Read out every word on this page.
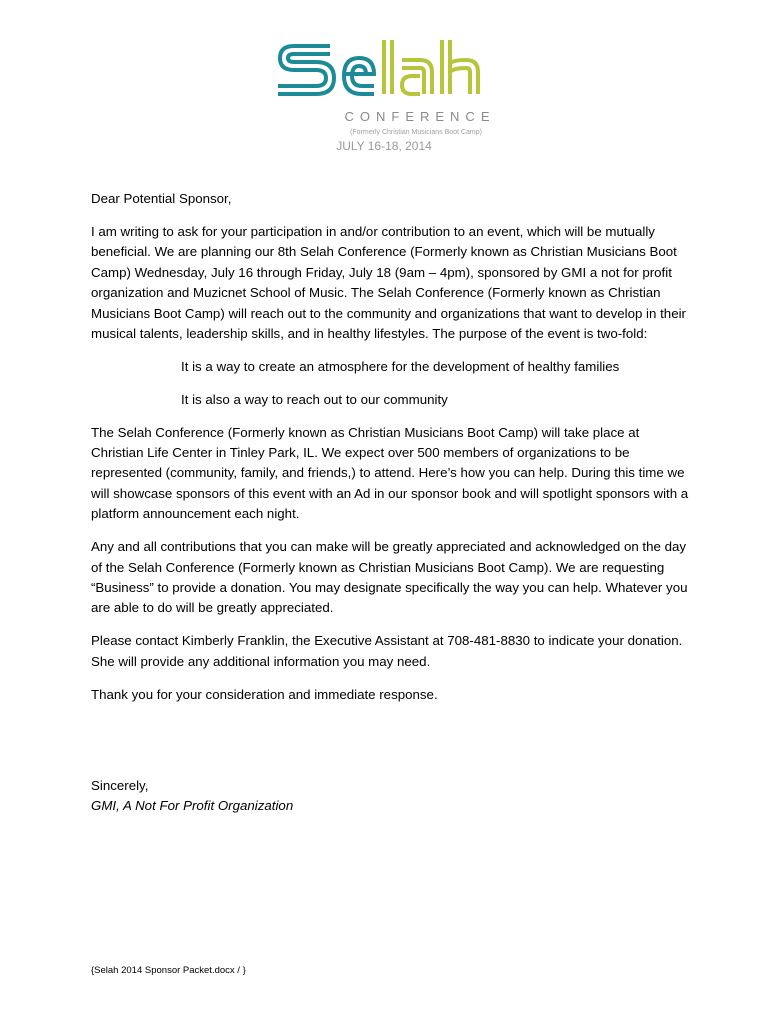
CONFERENCE
(Formerly Christian Musicians Boot Camp)
JULY 16-18, 2014

Dear Potential Sponsor,

I am writing to ask for your participation in and/or contribution to an event, which will be mutually beneficial. We are planning our 8th Selah Conference (Formerly known as Christian Musicians Boot Camp) Wednesday, July 16 through Friday, July 18 (9am – 4pm), sponsored by GMI a not for profit organization and Muzicnet School of Music. The Selah Conference (Formerly known as Christian Musicians Boot Camp) will reach out to the community and organizations that want to develop in their musical talents, leadership skills, and in healthy lifestyles. The purpose of the event is two-fold:

It is a way to create an atmosphere for the development of healthy families

It is also a way to reach out to our community

The Selah Conference (Formerly known as Christian Musicians Boot Camp) will take place at Christian Life Center in Tinley Park, IL. We expect over 500 members of organizations to be represented (community, family, and friends,) to attend. Here’s how you can help. During this time we will showcase sponsors of this event with an Ad in our sponsor book and will spotlight sponsors with a platform announcement each night.

Any and all contributions that you can make will be greatly appreciated and acknowledged on the day of the Selah Conference (Formerly known as Christian Musicians Boot Camp). We are requesting “Business” to provide a donation. You may designate specifically the way you can help. Whatever you are able to do will be greatly appreciated.

Please contact Kimberly Franklin, the Executive Assistant at 708-481-8830 to indicate your donation. She will provide any additional information you may need.

Thank you for your consideration and immediate response.

Sincerely,
GMI, A Not For Profit Organization
{Selah 2014 Sponsor Packet.docx / }
